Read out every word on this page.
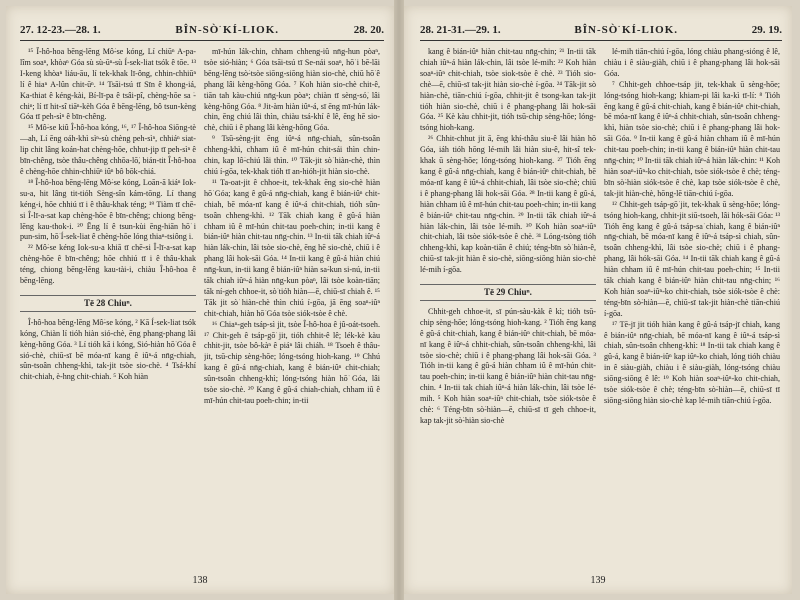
27. 12-23.—28. 1.	BÎN-SÒ͘ KÍ-LIOK.	28. 20.

¹⁵ Î-hô-hoa bēng-lēng Mô͘-se kóng, Lí chiūⁿ A-pa-lîm soaⁿ, khòaⁿ Góa sù sù-ūⁿ-sù Í-sek-liat tsók ê tōe. ¹³ I-keng khòaⁿ liáu-āu, lí tek-khak lī-ông, chhin-chhiūⁿ lí ê hiaⁿ A-lûn chit-ūⁿ. ¹⁴ Tsāi-tsú tī Sīn ê khong-iá, Ka-thiat ê kéng-kài, Bí-lī-pa ê tsâi-pî, chèng-hōe sa ͘-chiⁿ; lí tī hit-sî tiāⁿ-kèh Góa ê bēng-lēng, bô tsun-kèng Góa tī peh-sìⁿ ê bīn-chêng.

¹⁵ Mô͘-se kiû Î-hô-hoa kóng, ¹⁶, ¹⁷ Î-hô-hoa Siōng-tè—ah, Lí ēng oáh-khì sìⁿ-sù chèng peh-sìⁿ, chhiáⁿ siat-lip chit lâng koán-hat chèng-hōe, chhut-jip tī peh-sìⁿ ê bīn-chêng, tsòe thâu-chêng chhōa-lō͘, bián-tit Î-hô-hoa ê chèng-hōe chhin-chhiūⁿ iûⁿ bô bōk-chiá.

¹⁸ Î-hô-hoa bēng-lēng Mô͘-se kóng, Loān-ā kiáⁿ Iok-su-a, hit lâng tit-tióh Sèng-sîn kám-tōng. Lí thang kéng-i, hōe chhiú tī i ê thâu-khak téng; ¹⁹ Tiàm tī chē-si Î-lī-a-sat kap chèng-hōe ê bīn-chêng; chiong bēng-lēng kau-thok-i. ²⁰ Ēng lí ê tsun-kùi ēng-hiān hō͘ i pun-sim, hō͘ Í-sek-liat ê chèng-hōe lóng thiaⁿ-tsiông i.

²² Mô͘-se kéng Iok-su-a khiā tī chē-si Î-lī-a-sat kap chèng-hōe ê bīn-chêng; hōe chhiú tī i ê thâu-khak téng, chiong bēng-lēng kau-tài-i, chiàu Î-hô-hoa ê bēng-lēng.

Tē 28 Chiuⁿ.

Î-hô-hoa bēng-lēng Mô͘-se kóng, ² Kā Í-sek-liat tsók kóng, Chiàn lí tióh hiàn sió-chè, ēng phang-phang lâi kèng-hōng Góa. ³ Lí tióh kā i kóng, Sió-hiàn hō͘ Góa ê sió-chè, chiū-sī bē móa-nī kang ê iûⁿ-á nn̄g-chiah, sûn-tsoân chheng-khì, tak-jit tsòe sio-chè. ⁴ Tsá-khí chit-chiah, è-hng chit-chiah. ⁵ Koh hiàn

mī-hún lák-chin, chham chheng-iû nn̄g-hun pòaⁿ, tsòe sió-hiàn; ⁶ Góa tsāi-tsú tī Se-nái soaⁿ, hō͘ i bē-lāi bēng-lēng tsò͘-tsòe siōng-siōng hiàn sio-chè, chiū hō͘ ê phang lâi kèng-hōng Góa. ⁷ Koh hiàn sio-chè chit-ê, tiān tah kàu-chiú nn̄g-kun pòaⁿ; chiàn tī sèng-só͘, lâi kèng-hōng Góa. ⁸ Jit-àm hiàn iûⁿ-á, sī ēng mī-hún lák-chin, ēng chiú lâi thìn, chiàu tsá-khí ê lê, ēng hē sio-chè, chiū i ê phang lâi kèng-hōng Góa.

⁹ Tsū-sèng-jit ēng iûⁿ-á nn̄g-chiah, sûn-tsoân chheng-khì, chham iû ê mī-hún chit-sái thìn chin-chin, kap lô͘-chiú lâi thìn. ¹⁰ Tāk-jit sò͘ hiàn-chè, thìn chiú í-gōa, tek-khak tióh tī an-hióh-jit hiàn sio-chè.

¹¹ Ta-oat-jit ê chhoe-it, tek-khak ēng sio-chè hiàn hō͘ Góa; kang ê gû-á nn̄g-chiah, kang ê bián-iûⁿ chit-chiah, bē móa-nī kang ê iûⁿ-á chit-chiah, tióh sûn-tsoân chheng-khì. ¹² Tāk chiah kang ê gû-á hiàn chham iû ê mī-hún chit-tau poeh-chin; in-tii kang ê bián-iûⁿ hiàn chit-tau nn̄g-chin. ¹³ In-tii tāk chiah iûⁿ-á hiàn lák-chin, lâi tsòe sio-chè, ēng hē sio-chè, chiū i ê phang lâi hok-sāi Góa. ¹⁴ In-tii kang ê gû-á hiàn chiú nn̄g-kun, in-tii kang ê bián-iûⁿ hiàn sa͘-kun si-nú, in-tii tāk chiah iûⁿ-á hiàn nn̄g-kun pòaⁿ, lâi tsòe koàn-tiān; tāk ní-geh chhoe-it, sò͘ tióh hiàn—ē, chiū-sī chiah ê. ¹⁵ Tāk jit sò͘ hiàn-chè thìn chiú í-gōa, jā ēng soaⁿ-iûⁿ chit-chiah, hiàn hō͘ Góa tsòe siók-tsòe ê chè.

¹⁶ Chiaⁿ-geh tsáp-sì jit, tsòe Î-hô-hoa ê jû-oát-tsoeh. ¹⁷ Chit-geh ê tsáp-gō͘ jit, tióh chhit-ê lê; lék-kè kàu chhit-jit, tsòe bô-kàⁿ ê piáⁿ lâi chiáh. ¹⁸ Tsoeh ê thâu-jit, tsū-chip sèng-hōe; lóng-tsóng hioh-kang. ¹⁹ Chhú kang ê gû-á nn̄g-chiah, kang ê bián-iûⁿ chit-chiah; sûn-tsoân chheng-khì; lóng-tsóng hiàn hō͘ Góa, lâi tsòe sio-chè. ²⁰ Kang ê gû-á chiah-chiah, chham iû ê mī-hún chit-tau poeh-chin; in-tii

138
28. 21-31.—29. 1.	BÎN-SÒ͘ KÍ-LIOK.	29. 19.

kang ê bián-iûⁿ hiàn chit-tau nn̄g-chin; ²¹ In-tii tāk chiah iûⁿ-á hiàn lák-chin, lâi tsòe lé-mih: ²² Koh hiàn soaⁿ-iûⁿ chit-chiah, tsòe siok-tsòe ê chè. ²³ Tióh sio-chè—ē, chiū-sī tak-jit hiàn sio-chè í-gōa. ²⁴ Tāk-jit sò͘ hiàn-chè, tiān-chiú í-gōa, chhit-jit ê tsong-kan tak-jit tióh hiàn sio-chè, chiū i ê phang-phang lâi hok-sāi Góa. ²⁵ Kè kàu chhit-jit, tióh tsū-chip sèng-hōe; lóng-tsóng hioh-kang.

²⁶ Chhit-chhut jit ā, ēng khí-thâu siu-ê lâi hiàn hō͘ Góa, iáh tióh hōng lé-mih lâi hiàn siu-ê, hit-sî tek-khak ū sèng-hōe; lóng-tsóng hioh-kang. ²⁷ Tióh ēng kang ê gû-á nn̄g-chiah, kang ê bián-iûⁿ chit-chiah, bē móa-nī kang ê iûⁿ-á chhit-chiah, lâi tsòe sio-chè; chiū i ê phang-phang lâi hok-sāi Góa. ²⁸ In-tii kang ê gû-á, hiàn chham iû ê mī-hún chit-tau poeh-chin; in-tii kang ê bián-iûⁿ chit-tau nn̄g-chin. ²⁹ In-tii tāk chiah iûⁿ-á hiàn lák-chin, lâi tsòe lé-mih. ³⁰ Koh hiàn soaⁿ-iûⁿ chit-chiah, lâi tsòe siók-tsòe ê chè. ³¹ Lóng-tsòng tióh chheng-khì, kap koàn-tiān ê chiú; téng-bīn sò͘ hiàn-ê, chiū-sī tak-jit hiàn ê sio-chè, siōng-siōng hiàn sio-chè lé-mih í-gōa.

Tē 29 Chiuⁿ.

Chhit-geh chhoe-it, sī pún-sàu-kàk ê kì; tióh tsū-chip sèng-hōe; lóng-tsóng hioh-kang. ² Tióh ēng kang ê gû-á chit-chiah, kang ê bián-iûⁿ chit-chiah, bē móa-nī kang ê iûⁿ-á chhit-chiah, sûn-tsoân chheng-khì, lâi tsòe sio-chè; chiū i ê phang-phang lâi hok-sāi Góa. ³ Tióh in-tii kang ê gû-á hiàn chham iû ê mī-hún chit-tau poeh-chin; in-tii kang ê bián-iûⁿ hiàn chit-tau nn̄g-chin. ⁴ In-tii tak chiah iûⁿ-á hiàn lák-chin, lâi tsòe lé-mih. ⁵ Koh hiàn soaⁿ-iûⁿ chit-chiah, tsòe siók-tsòe ê chè: ⁶ Téng-bīn sò͘-hiàn—ē, chiū-sī tī geh chhoe-it, kap tak-jit sò͘-hiàn sio-chè

lé-mih tiān-chiú í-gōa, lóng chiàu phang-sióng ê lê, chiàu i ê siàu-giàh, chiū i ê phang-phang lâi hok-sāi Góa.

⁷ Chhit-geh chhoe-tsáp jit, tek-khak ū sèng-hōe; lóng-tsóng hioh-kang; khiam-pi lâi ka-kì tī-lí: ⁸ Tióh ēng kang ê gû-á chit-chiah, kang ê bián-iûⁿ chit-chiah, bē móa-nī kang ê iûⁿ-á chhit-chiah, sûn-tsoân chheng-khì, hiàn tsòe sio-chè; chiū i ê phang-phang lâi hok-sāi Góa. ⁹ In-tii kang ê gû-á hiàn chham iû ê mī-hún chit-tau poeh-chin; in-tii kang ê bián-iûⁿ hiàn chit-tau nn̄g-chin; ¹⁰ In-tii tāk chiah iûⁿ-á hiàn lák-chin: ¹¹ Koh hiàn soaⁿ-iûⁿ-ko chit-chiah, tsòe siók-tsòe ê chè; téng-bīn sò͘-hiàn siók-tsòe ê chè, kap tsòe siók-tsòe ê chè, tak-jit hiàn-chè, hōng-lē tiān-chiú í-gōa.

¹² Chhit-geh tsáp-gō͘ jit, tek-khak ū sèng-hōe; lóng-tsóng hioh-kang, chhit-jit siū-tsoeh, lâi hók-sāi Góa: ¹³ Tióh ēng kang ê gû-á tsáp-sa͘ chiah, kang ê bián-iûⁿ nn̄g-chiah, bē móa-nī kang ê iûⁿ-á tsáp-sì chiah, sûn-tsoân chheng-khì, lâi tsòe sio-chè; chiū i ê phang-phang, lâi hók-sāi Góa. ¹⁴ In-tii tāk chiah kang ê gû-á hiàn chham iû ê mī-hún chit-tau poeh-chin; ¹⁵ In-tii tāk chiah kang ê bián-iûⁿ hiàn chit-tau nn̄g-chin; ¹⁶ Koh hiàn soaⁿ-iûⁿ-ko chit-chiah, tsòe siók-tsòe ê chè: téng-bīn sò͘-hiàn—ē, chiū-sī tak-jit hiàn-chè tiān-chiú í-gōa.

¹⁷ Tē-jī jit tióh hiàn kang ê gû-á tsáp-jī chiah, kang ê bián-iûⁿ nn̄g-chiah, bē móa-nī kang ê iûⁿ-á tsáp-sì chiah, sûn-tsoân chheng-khì: ¹⁸ In-tii tak chiah kang ê gû-á, kang ê bián-iûⁿ kap iûⁿ-ko chiah, lóng tióh chiàu in ê siàu-giàh, chiàu i ê siàu-giàh, lóng-tsóng chiàu siōng-siōng ê lê: ¹⁹ Koh hiàn soaⁿ-iûⁿ-ko chit-chiah, tsòe siók-tsòe ê chè; téng-bīn sò͘-hiàn—ē, chiū-sī tī siōng-siōng hiàn sio-chè kap lé-mih tiān-chiú í-gōa.

139
